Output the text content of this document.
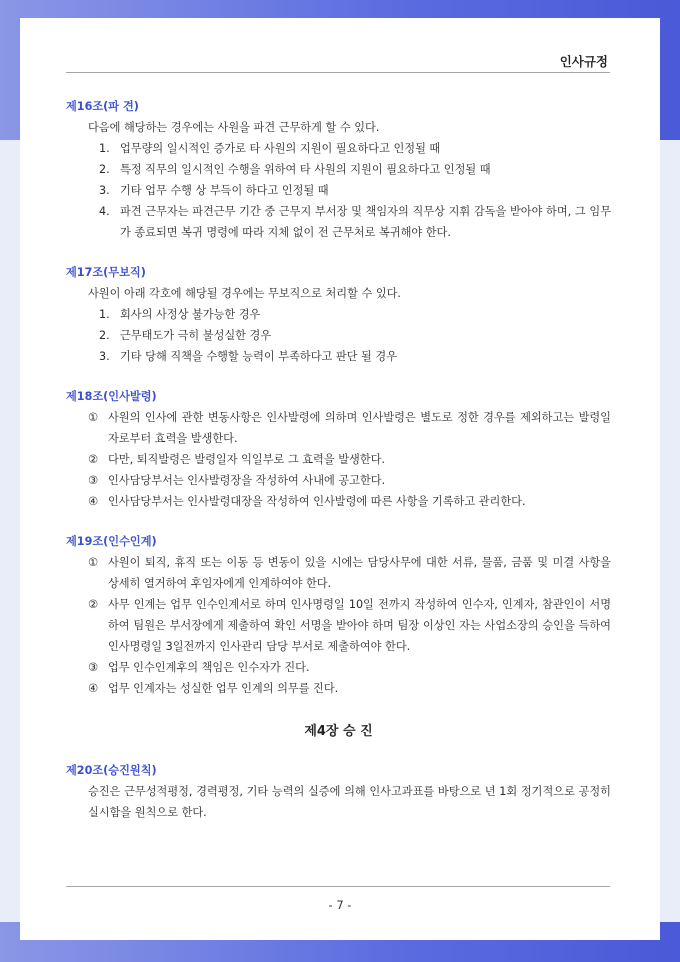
인사규정
제16조(파 견)
다음에 해당하는 경우에는 사원을 파견 근무하게 할 수 있다.
1. 업무량의 일시적인 증가로 타 사원의 지원이 필요하다고 인정될 때
2. 특정 직무의 일시적인 수행을 위하여 타 사원의 지원이 필요하다고 인정될 때
3. 기타 업무 수행 상 부득이 하다고 인정될 때
4. 파견 근무자는 파견근무 기간 중 근무지 부서장 및 책임자의 직무상 지휘 감독을 받아야 하며, 그 임무가 종료되면 복귀 명령에 따라 지체 없이 전 근무처로 복귀해야 한다.
제17조(무보직)
사원이 아래 각호에 해당될 경우에는 무보직으로 처리할 수 있다.
1. 회사의 사정상 불가능한 경우
2. 근무태도가 극히 불성실한 경우
3. 기타 당해 직책을 수행할 능력이 부족하다고 판단 될 경우
제18조(인사발령)
① 사원의 인사에 관한 변동사항은 인사발령에 의하며 인사발령은 별도로 정한 경우를 제외하고는 발령일자로부터 효력을 발생한다.
② 다만, 퇴직발령은 발령일자 익일부로 그 효력을 발생한다.
③ 인사담당부서는 인사발령장을 작성하여 사내에 공고한다.
④ 인사담당부서는 인사발령대장을 작성하여 인사발령에 따른 사항을 기록하고 관리한다.
제19조(인수인계)
① 사원이 퇴직, 휴직 또는 이동 등 변동이 있을 시에는 담당사무에 대한 서류, 물품, 금품 및 미결 사항을 상세히 열거하여 후임자에게 인계하여야 한다.
② 사무 인계는 업무 인수인계서로 하며 인사명령일 10일 전까지 작성하여 인수자, 인계자, 참관인이 서명하여 팀원은 부서장에게 제출하여 확인 서명을 받아야 하며 팀장 이상인 자는 사업소장의 승인을 득하여 인사명령일 3일전까지 인사관리 담당 부서로 제출하여야 한다.
③ 업무 인수인계후의 책임은 인수자가 진다.
④ 업무 인계자는 성실한 업무 인계의 의무를 진다.
제4장 승 진
제20조(승진원칙)
승진은 근무성적평정, 경력평정, 기타 능력의 실증에 의해 인사고과표를 바탕으로 년 1회 정기적으로 공정히 실시함을 원칙으로 한다.
- 7 -
